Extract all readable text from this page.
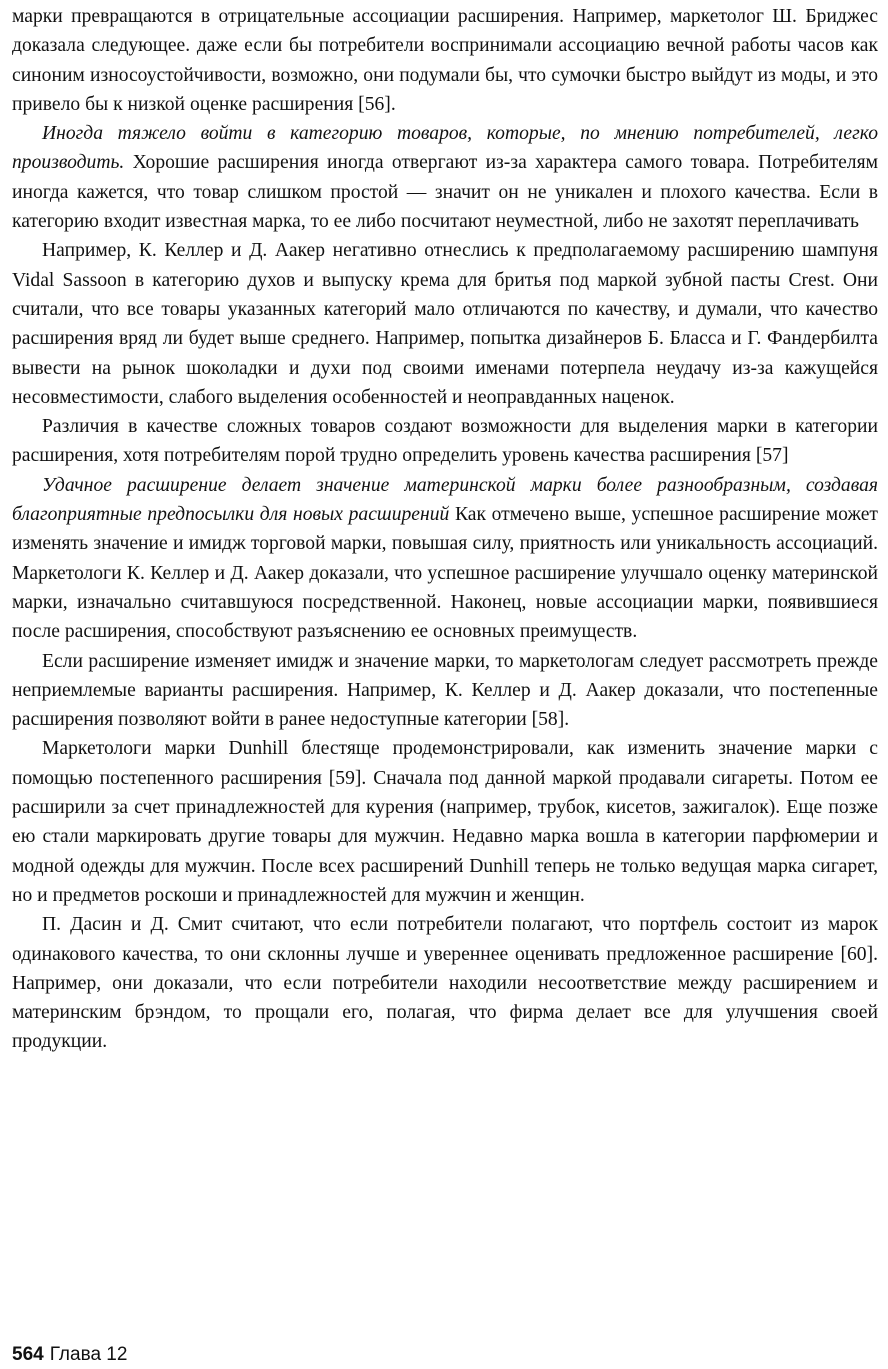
марки превращаются в отрицательные ассоциации расширения. Например, маркетолог Ш. Бриджес доказала следующее. даже если бы потребители воспринимали ассоциацию вечной работы часов как синоним износоустойчивости, возможно, они подумали бы, что сумочки быстро выйдут из моды, и это привело бы к низкой оценке расширения [56].

Иногда тяжело войти в категорию товаров, которые, по мнению потребителей, легко производить. Хорошие расширения иногда отвергают из-за характера самого товара. Потребителям иногда кажется, что товар слишком простой — значит он не уникален и плохого качества. Если в категорию входит известная марка, то ее либо посчитают неуместной, либо не захотят переплачивать

Например, К. Келлер и Д. Аакер негативно отнеслись к предполагаемому расширению шампуня Vidal Sassoon в категорию духов и выпуску крема для бритья под маркой зубной пасты Crest. Они считали, что все товары указанных категорий мало отличаются по качеству, и думали, что качество расширения вряд ли будет выше среднего. Например, попытка дизайнеров Б. Бласса и Г. Фандербилта вывести на рынок шоколадки и духи под своими именами потерпела неудачу из-за кажущейся несовместимости, слабого выделения особенностей и неоправданных наценок.

Различия в качестве сложных товаров создают возможности для выделения марки в категории расширения, хотя потребителям порой трудно определить уровень качества расширения [57]

Удачное расширение делает значение материнской марки более разнообразным, создавая благоприятные предпосылки для новых расширений Как отмечено выше, успешное расширение может изменять значение и имидж торговой марки, повышая силу, приятность или уникальность ассоциаций. Маркетологи К. Келлер и Д. Аакер доказали, что успешное расширение улучшало оценку материнской марки, изначально считавшуюся посредственной. Наконец, новые ассоциации марки, появившиеся после расширения, способствуют разъяснению ее основных преимуществ.

Если расширение изменяет имидж и значение марки, то маркетологам следует рассмотреть прежде неприемлемые варианты расширения. Например, К. Келлер и Д. Аакер доказали, что постепенные расширения позволяют войти в ранее недоступные категории [58].

Маркетологи марки Dunhill блестяще продемонстрировали, как изменить значение марки с помощью постепенного расширения [59]. Сначала под данной маркой продавали сигареты. Потом ее расширили за счет принадлежностей для курения (например, трубок, кисетов, зажигалок). Еще позже ею стали маркировать другие товары для мужчин. Недавно марка вошла в категории парфюмерии и модной одежды для мужчин. После всех расширений Dunhill теперь не только ведущая марка сигарет, но и предметов роскоши и принадлежностей для мужчин и женщин.

П. Дасин и Д. Смит считают, что если потребители полагают, что портфель состоит из марок одинакового качества, то они склонны лучше и увереннее оценивать предложенное расширение [60]. Например, они доказали, что если потребители находили несоответствие между расширением и материнским брэндом, то прощали его, полагая, что фирма делает все для улучшения своей продукции.

564 Глава 12
